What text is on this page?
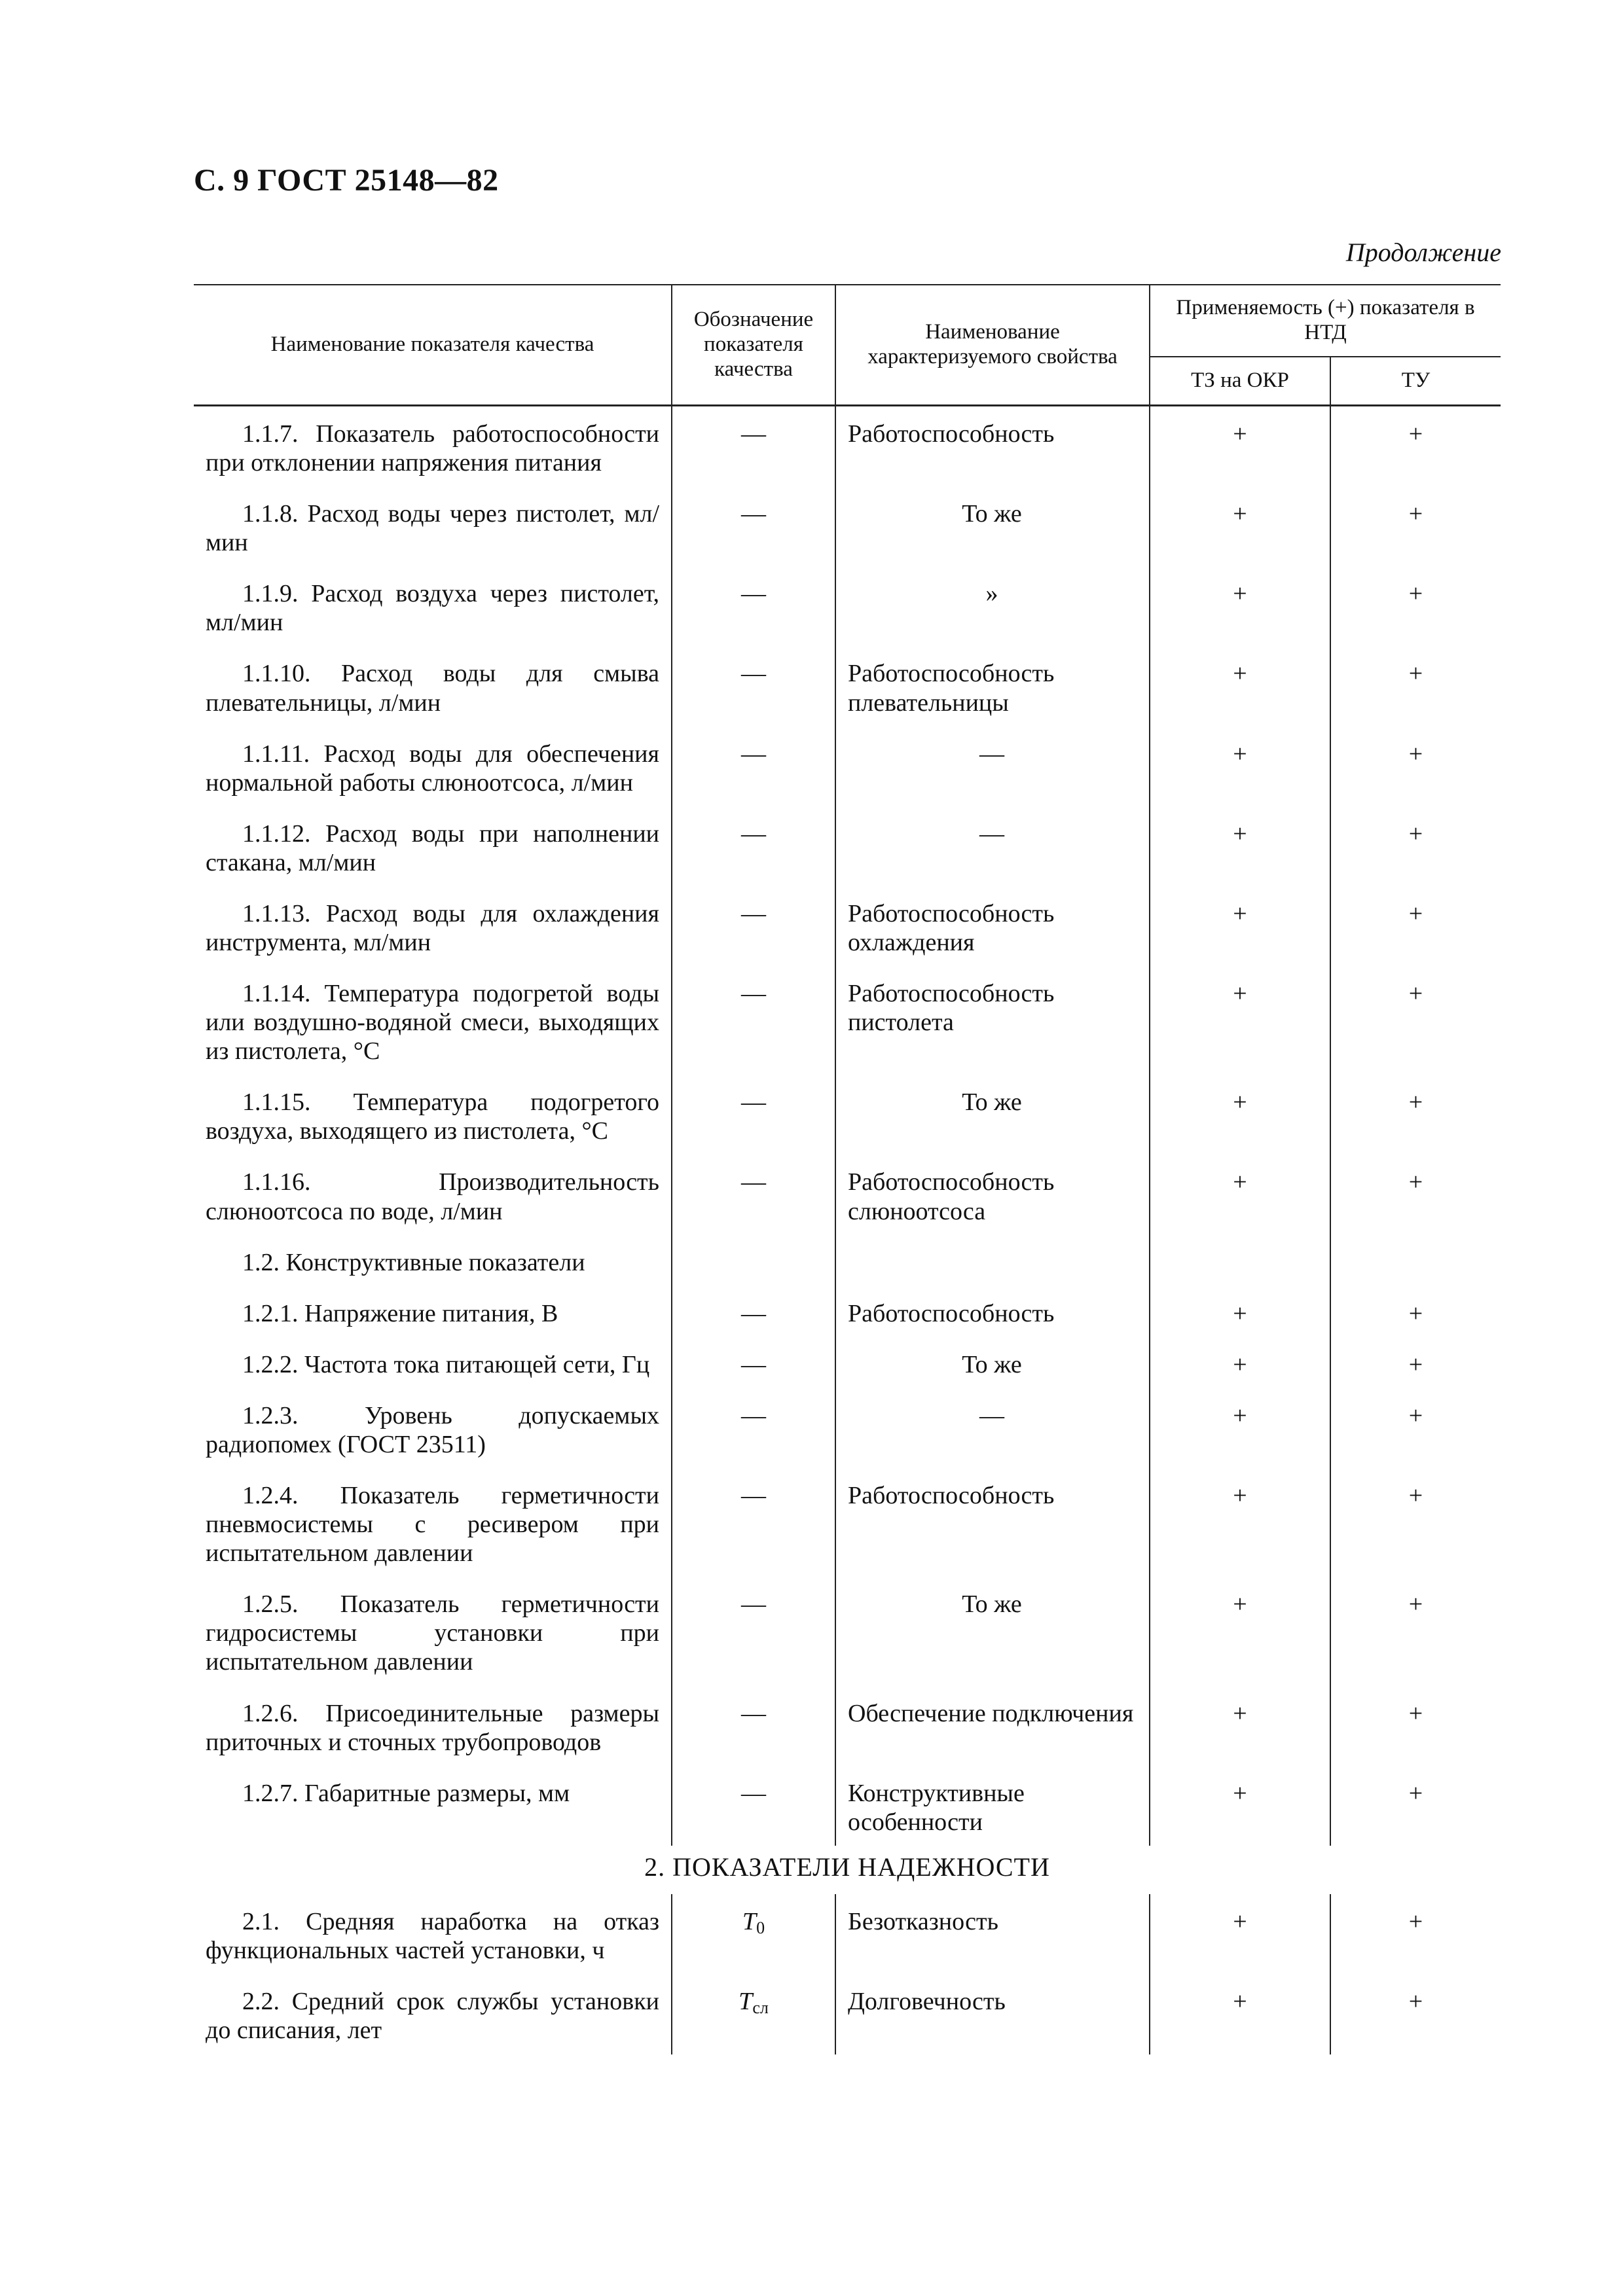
С. 9 ГОСТ 25148—82
Продолжение
Наименование показателя качества	Обозначение показателя качества	Наименование характеризуемого свойства	Применяемость (+) показателя в НТД	
			ТЗ на ОКР	ТУ
1.1.7. Показатель работоспособности при отклонении напряжения питания	—	Работоспособность	+	+
1.1.8. Расход воды через пистолет, мл/мин	—	То же	+	+
1.1.9. Расход воздуха через пистолет, мл/мин	—	»	+	+
1.1.10. Расход воды для смыва плевательницы, л/мин	—	Работоспособность плевательницы	+	+
1.1.11. Расход воды для обеспечения нормальной работы слюноотсоса, л/мин	—	—	+	+
1.1.12. Расход воды при наполнении стакана, мл/мин	—	—	+	+
1.1.13. Расход воды для охлаждения инструмента, мл/мин	—	Работоспособность охлаждения	+	+
1.1.14. Температура подогретой воды или воздушно-водяной смеси, выходящих из пистолета, °С	—	Работоспособность пистолета	+	+
1.1.15. Температура подогретого воздуха, выходящего из пистолета, °С	—	То же	+	+
1.1.16. Производительность слюноотсоса по воде, л/мин	—	Работоспособность слюноотсоса	+	+
1.2. Конструктивные показатели				
1.2.1. Напряжение питания, В	—	Работоспособность	+	+
1.2.2. Частота тока питающей сети, Гц	—	То же	+	+
1.2.3. Уровень допускаемых радиопомех (ГОСТ 23511)	—	—	+	+
1.2.4. Показатель герметичности пневмосистемы с ресивером при испытательном давлении	—	Работоспособность	+	+
1.2.5. Показатель герметичности гидросистемы установки при испытательном давлении	—	То же	+	+
1.2.6. Присоединительные размеры приточных и сточных трубопроводов	—	Обеспечение подключения	+	+
1.2.7. Габаритные размеры, мм	—	Конструктивные особенности	+	+
2. ПОКАЗАТЕЛИ НАДЕЖНОСТИ				
2.1. Средняя наработка на отказ функциональных частей установки, ч	$T_0$	Безотказность	+	+
2.2. Средний срок службы установки до списания, лет	$T_{сл}$	Долговечность	+	+
